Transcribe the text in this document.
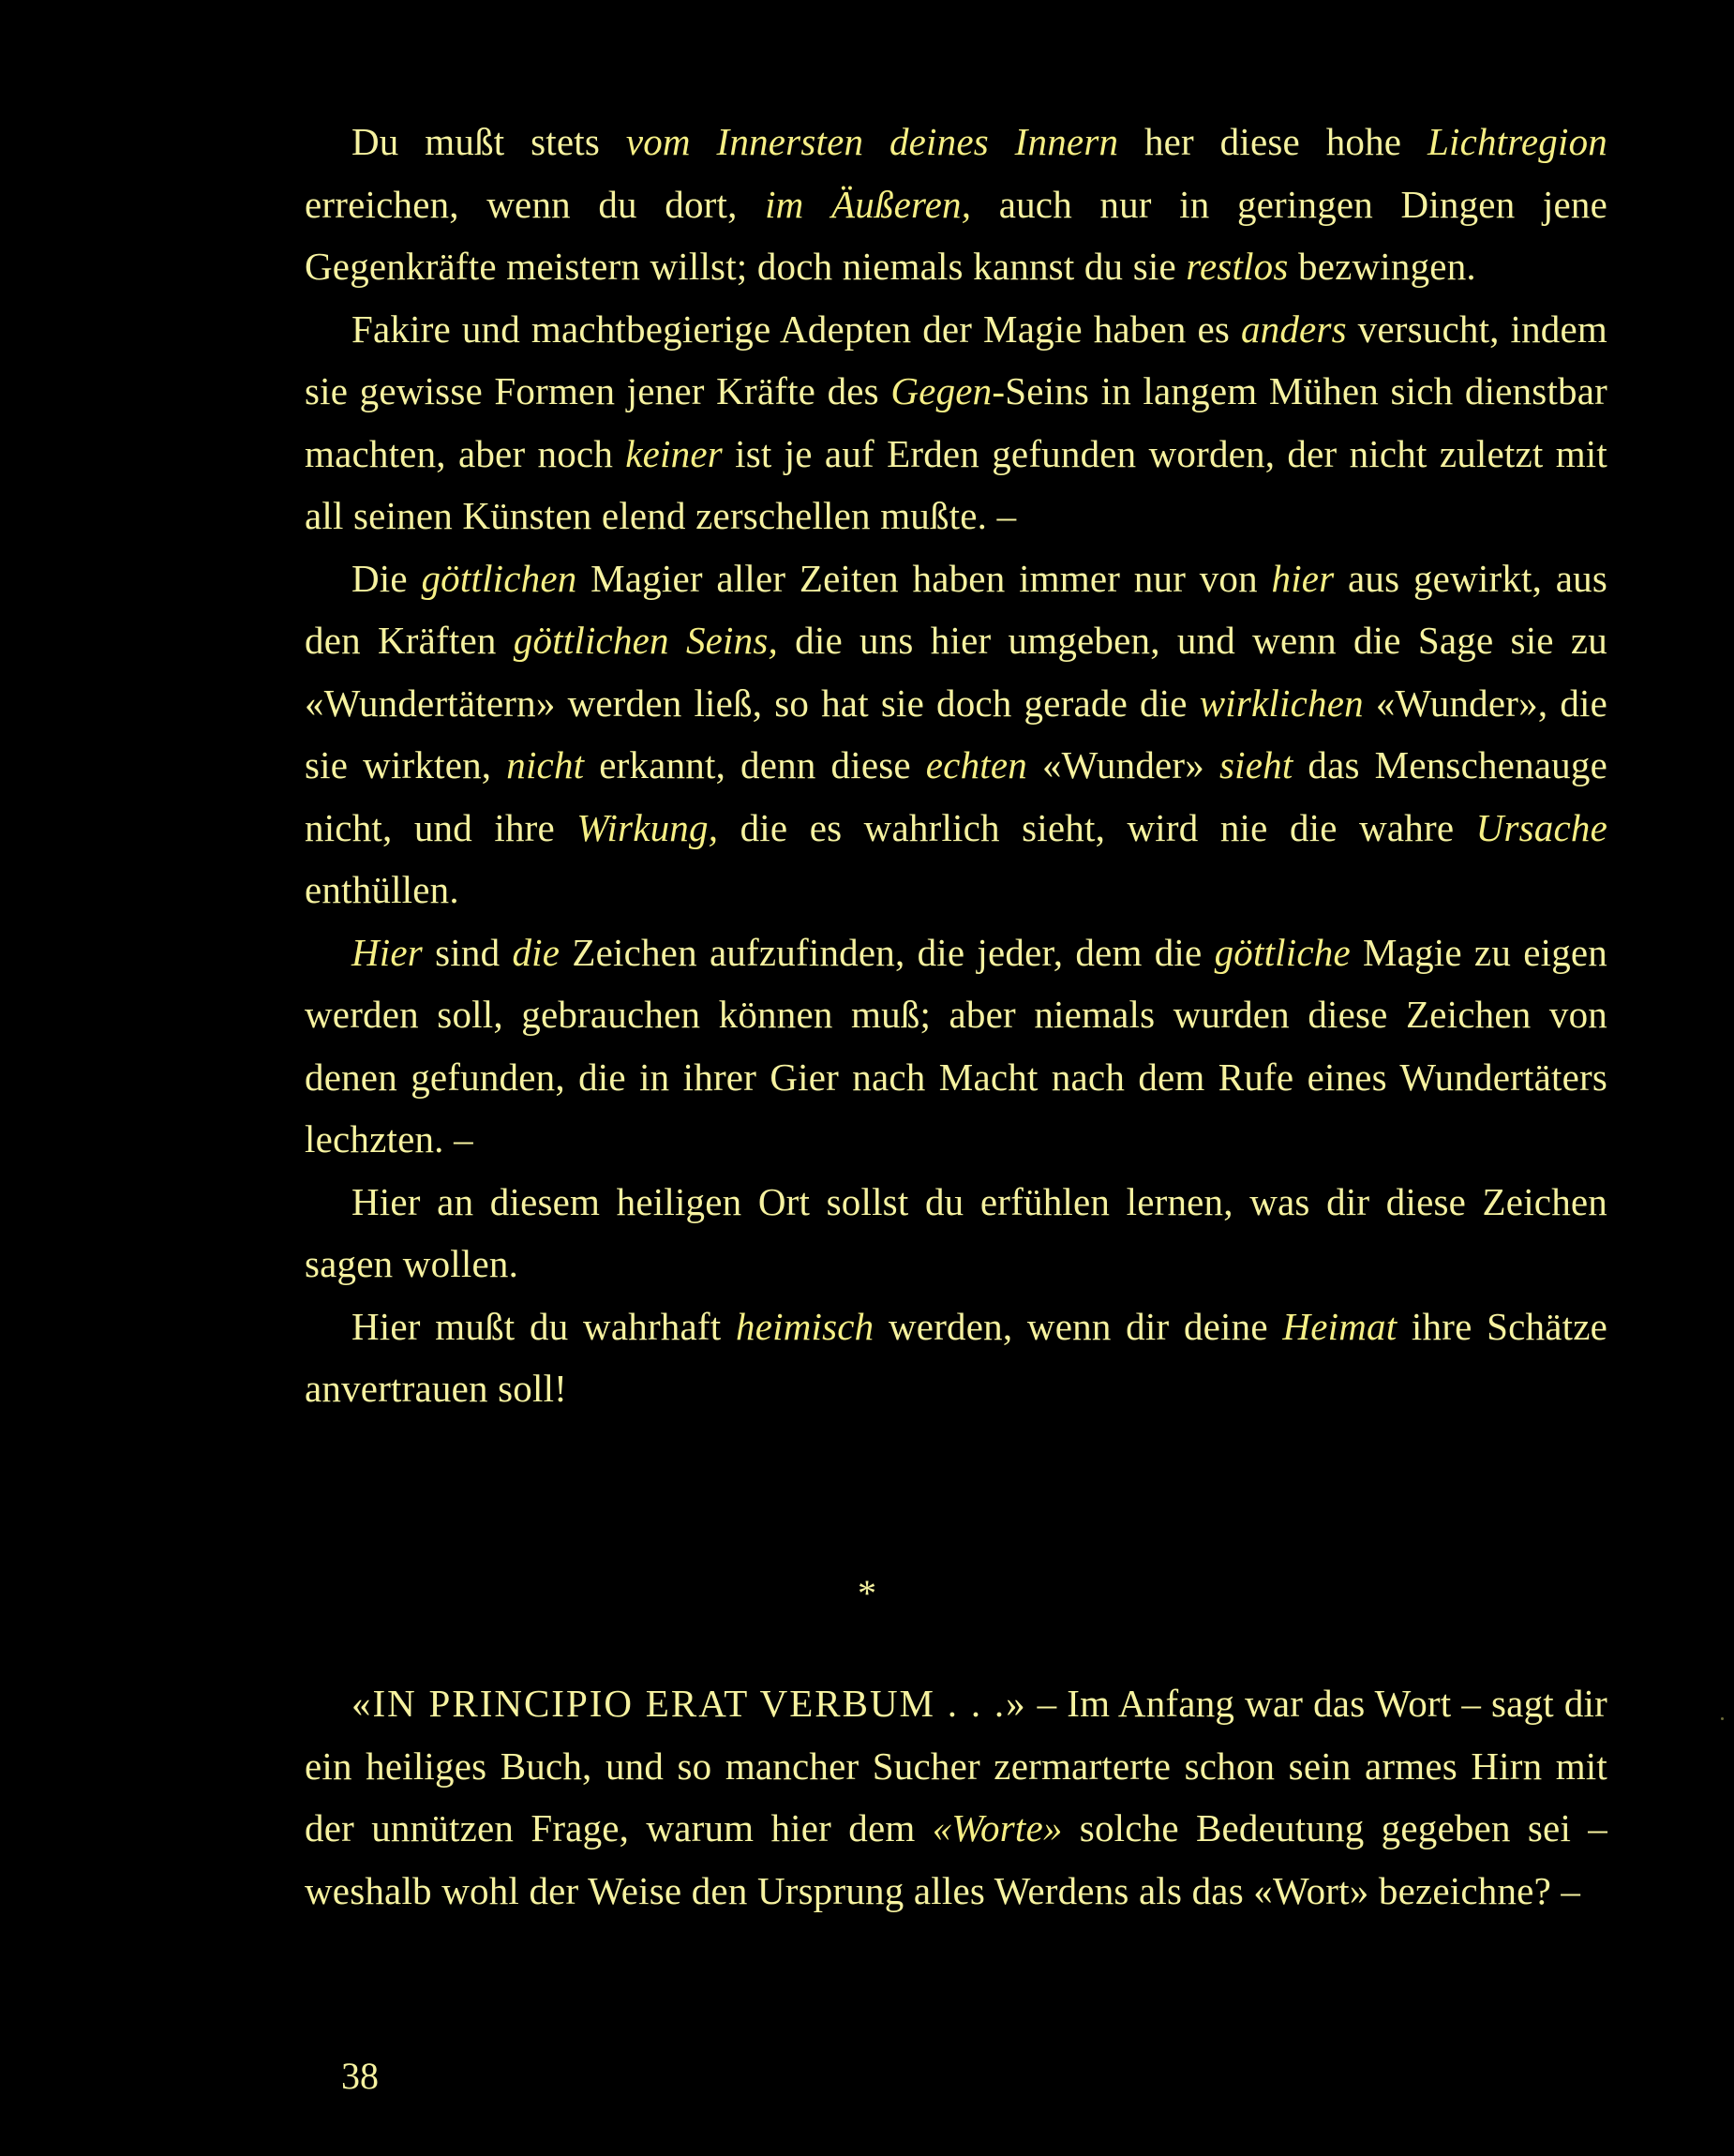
Du mußt stets vom Innersten deines Innern her diese hohe Lichtregion erreichen, wenn du dort, im Äußeren, auch nur in geringen Dingen jene Gegenkräfte meistern willst; doch niemals kannst du sie restlos bezwingen.

Fakire und machtbegierige Adepten der Magie haben es anders versucht, indem sie gewisse Formen jener Kräfte des Gegen-Seins in langem Mühen sich dienstbar machten, aber noch keiner ist je auf Erden gefunden worden, der nicht zuletzt mit all seinen Künsten elend zerschellen mußte. –

Die göttlichen Magier aller Zeiten haben immer nur von hier aus gewirkt, aus den Kräften göttlichen Seins, die uns hier umgeben, und wenn die Sage sie zu «Wundertätern» werden ließ, so hat sie doch gerade die wirklichen «Wunder», die sie wirkten, nicht erkannt, denn diese echten «Wunder» sieht das Menschenauge nicht, und ihre Wirkung, die es wahrlich sieht, wird nie die wahre Ursache enthüllen.

Hier sind die Zeichen aufzufinden, die jeder, dem die göttliche Magie zu eigen werden soll, gebrauchen können muß; aber niemals wurden diese Zeichen von denen gefunden, die in ihrer Gier nach Macht nach dem Rufe eines Wundertäters lechzten. –

Hier an diesem heiligen Ort sollst du erfühlen lernen, was dir diese Zeichen sagen wollen.

Hier mußt du wahrhaft heimisch werden, wenn dir deine Heimat ihre Schätze anvertrauen soll!

*

«IN PRINCIPIO ERAT VERBUM . . .» – Im Anfang war das Wort – sagt dir ein heiliges Buch, und so mancher Sucher zermarterte schon sein armes Hirn mit der unnützen Frage, warum hier dem «Worte» solche Bedeutung gegeben sei – weshalb wohl der Weise den Ursprung alles Werdens als das «Wort» bezeichne? –

38
